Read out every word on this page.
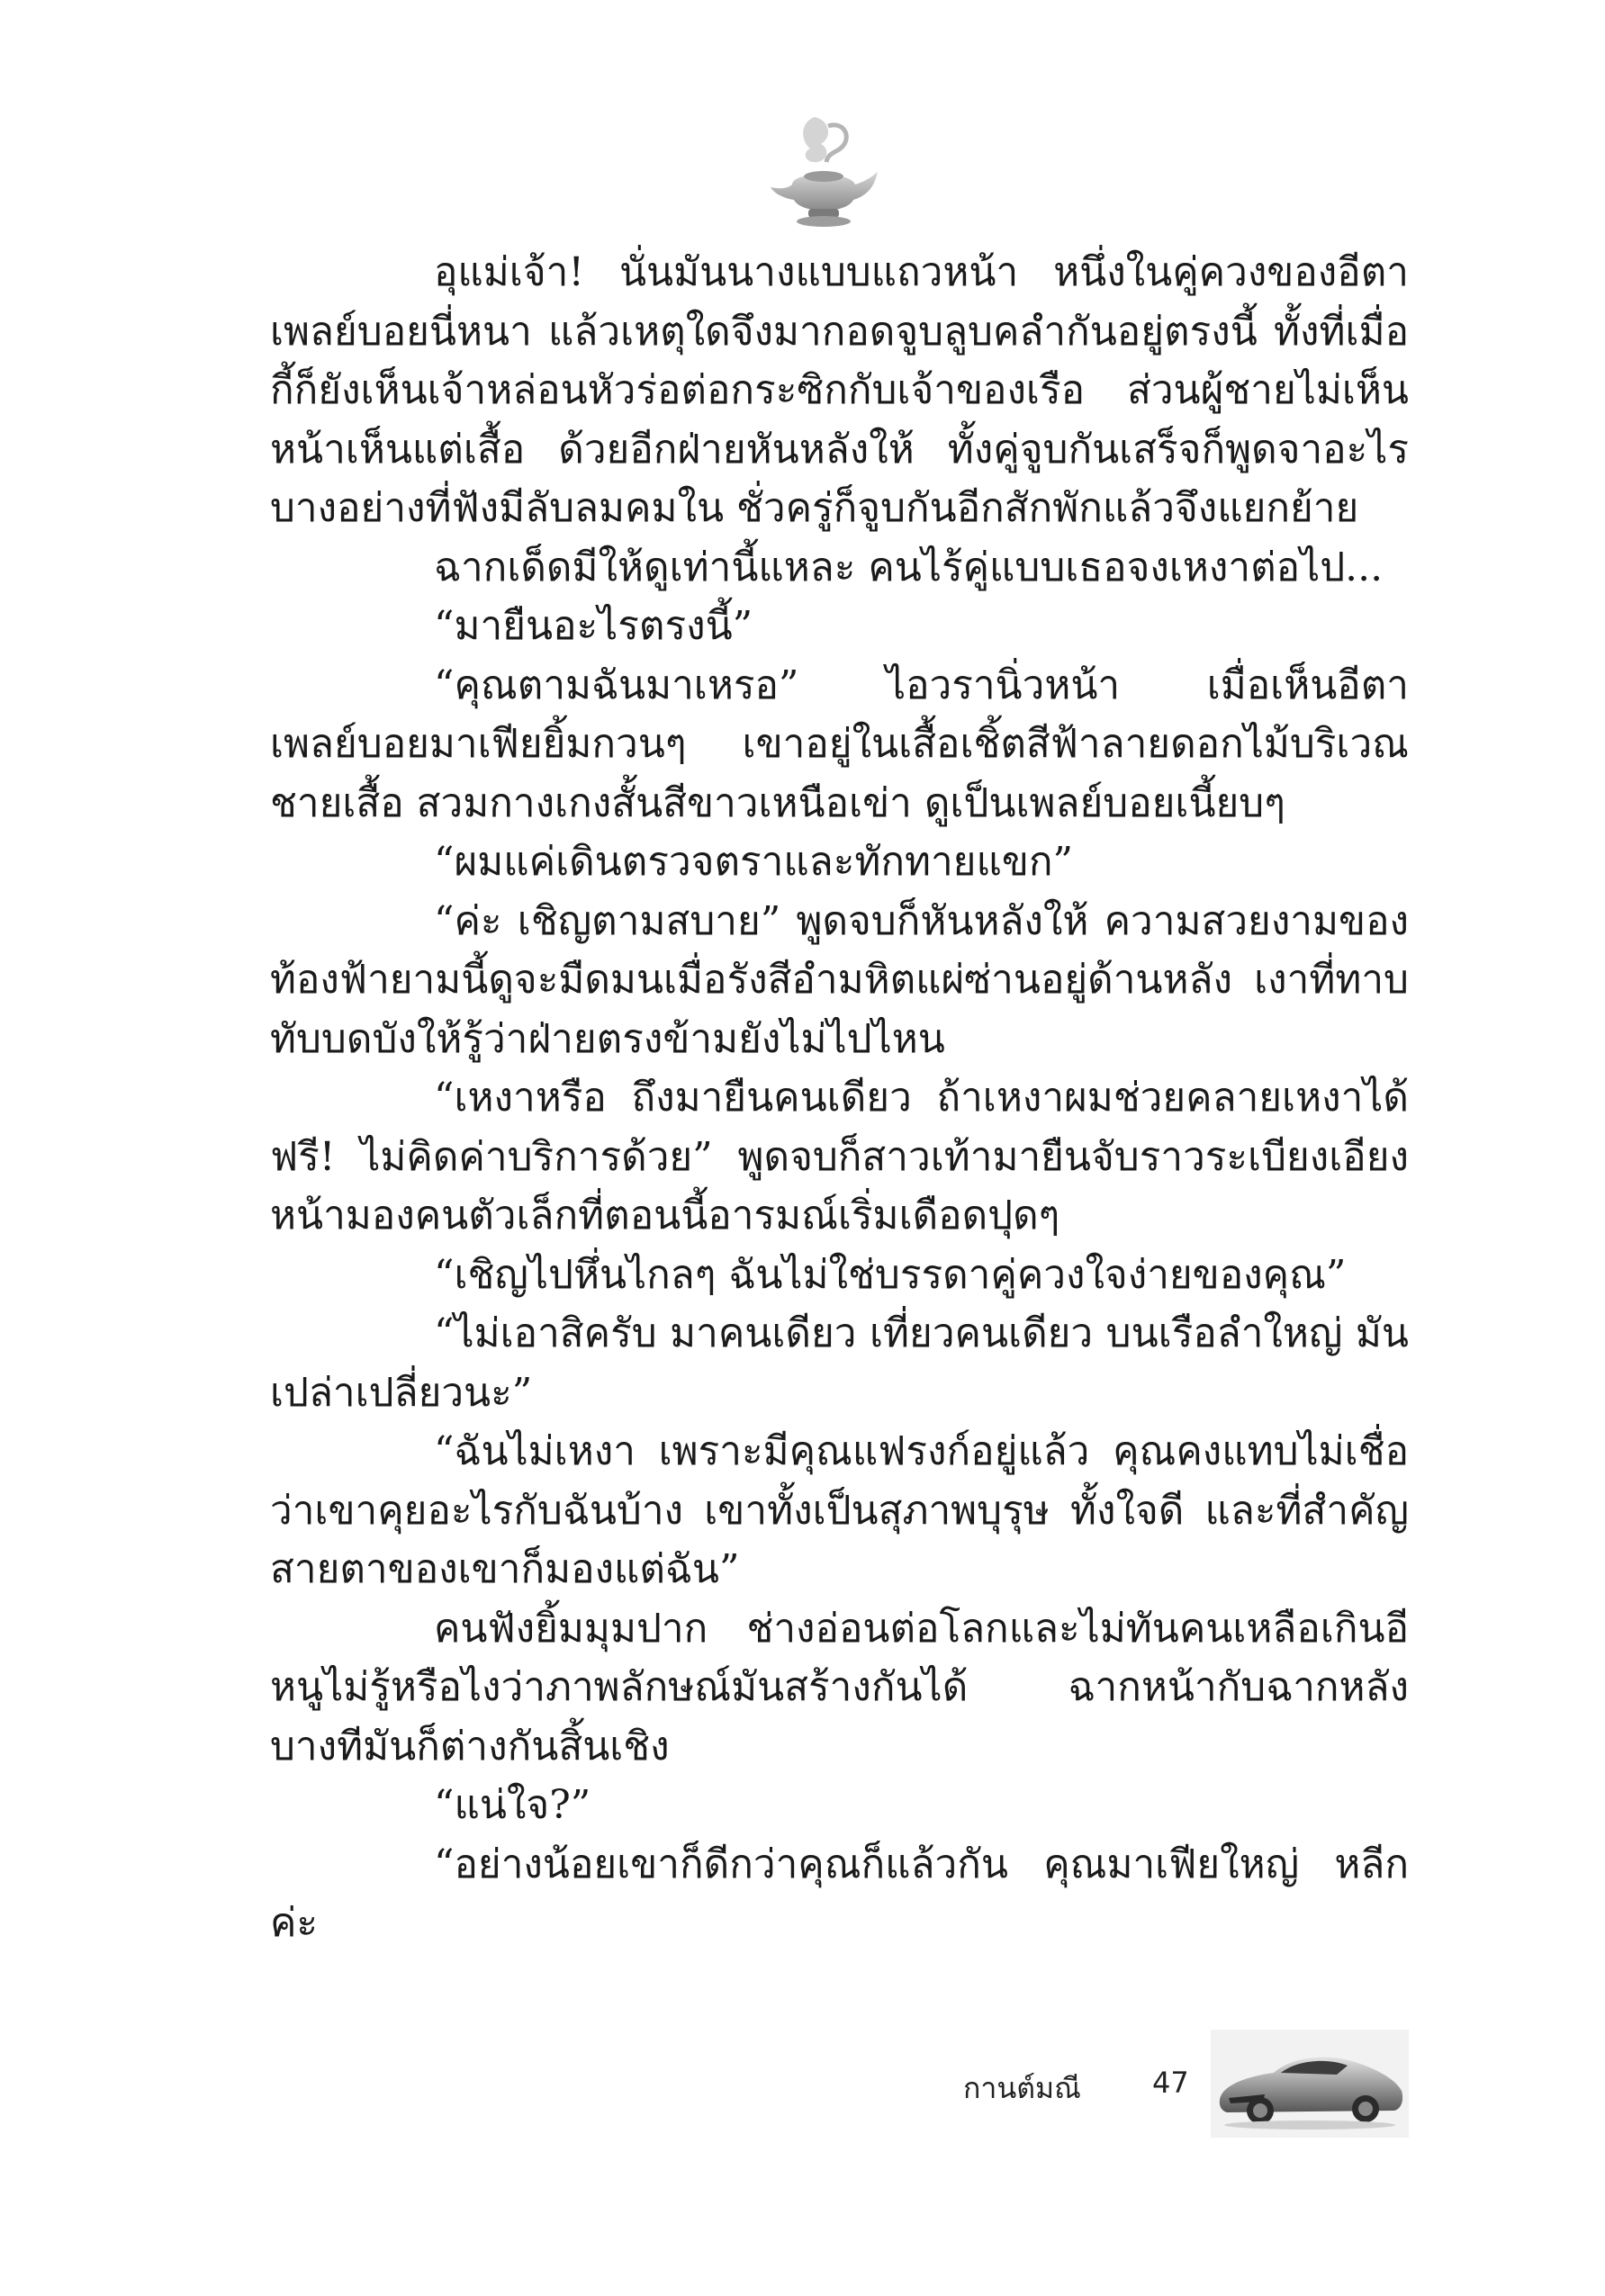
อุแม่เจ้า! นั่นมันนางแบบแถวหน้า หนึ่งในคู่ควงของอีตาเพลย์บอยนี่หนา แล้วเหตุใดจึงมากอดจูบลูบคลำกันอยู่ตรงนี้ ทั้งที่เมื่อกี้ก็ยังเห็นเจ้าหล่อนหัวร่อต่อกระซิกกับเจ้าของเรือ ส่วนผู้ชายไม่เห็นหน้าเห็นแต่เสื้อ ด้วยอีกฝ่ายหันหลังให้ ทั้งคู่จูบกันเสร็จก็พูดจาอะไรบางอย่างที่ฟังมีลับลมคมใน ชั่วครู่ก็จูบกันอีกสักพักแล้วจึงแยกย้าย

ฉากเด็ดมีให้ดูเท่านี้แหละ คนไร้คู่แบบเธอจงเหงาต่อไป...

“มายืนอะไรตรงนี้”

“คุณตามฉันมาเหรอ” ไอวรานิ่วหน้า เมื่อเห็นอีตาเพลย์บอยมาเฟียยิ้มกวนๆ เขาอยู่ในเสื้อเชิ้ตสีฟ้าลายดอกไม้บริเวณชายเสื้อ สวมกางเกงสั้นสีขาวเหนือเข่า ดูเป็นเพลย์บอยเนี้ยบๆ

“ผมแค่เดินตรวจตราและทักทายแขก”

“ค่ะ เชิญตามสบาย” พูดจบก็หันหลังให้ ความสวยงามของท้องฟ้ายามนี้ดูจะมืดมนเมื่อรังสีอำมหิตแผ่ซ่านอยู่ด้านหลัง เงาที่ทาบทับบดบังให้รู้ว่าฝ่ายตรงข้ามยังไม่ไปไหน

“เหงาหรือ ถึงมายืนคนเดียว ถ้าเหงาผมช่วยคลายเหงาได้ ฟรี! ไม่คิดค่าบริการด้วย” พูดจบก็สาวเท้ามายืนจับราวระเบียงเอียงหน้ามองคนตัวเล็กที่ตอนนี้อารมณ์เริ่มเดือดปุดๆ

“เชิญไปหึ่นไกลๆ ฉันไม่ใช่บรรดาคู่ควงใจง่ายของคุณ”

“ไม่เอาสิครับ มาคนเดียว เที่ยวคนเดียว บนเรือลำใหญ่ มันเปล่าเปลี่ยวนะ”

“ฉันไม่เหงา เพราะมีคุณแฟรงก์อยู่แล้ว คุณคงแทบไม่เชื่อว่าเขาคุยอะไรกับฉันบ้าง เขาทั้งเป็นสุภาพบุรุษ ทั้งใจดี และที่สำคัญ สายตาของเขาก็มองแต่ฉัน”

คนฟังยิ้มมุมปาก ช่างอ่อนต่อโลกและไม่ทันคนเหลือเกินอีหนูไม่รู้หรือไงว่าภาพลักษณ์มันสร้างกันได้ ฉากหน้ากับฉากหลังบางทีมันก็ต่างกันสิ้นเชิง

“แน่ใจ?”

“อย่างน้อยเขาก็ดีกว่าคุณก็แล้วกัน คุณมาเฟียใหญ่ หลีกค่ะ

กานต์มณี 47
